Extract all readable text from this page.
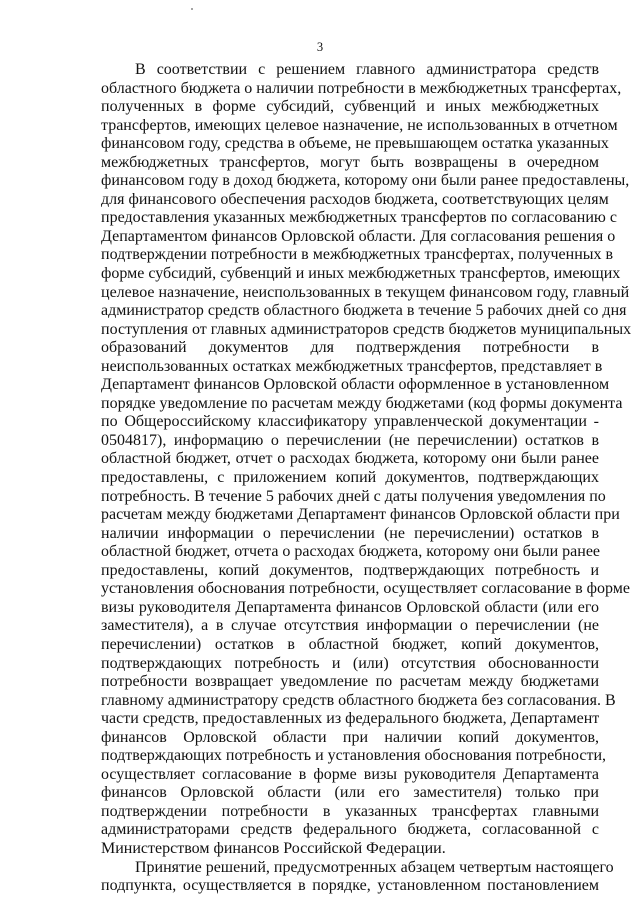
3
В соответствии с решением главного администратора средств
областного бюджета о наличии потребности в межбюджетных трансфертах,
полученных в форме субсидий, субвенций и иных межбюджетных
трансфертов, имеющих целевое назначение, не использованных в отчетном
финансовом году, средства в объеме, не превышающем остатка указанных
межбюджетных трансфертов, могут быть возвращены в очередном
финансовом году в доход бюджета, которому они были ранее предоставлены,
для финансового обеспечения расходов бюджета, соответствующих целям
предоставления указанных межбюджетных трансфертов по согласованию с
Департаментом финансов Орловской области. Для согласования решения о
подтверждении потребности в межбюджетных трансфертах, полученных в
форме субсидий, субвенций и иных межбюджетных трансфертов, имеющих
целевое назначение, неиспользованных в текущем финансовом году, главный
администратор средств областного бюджета в течение 5 рабочих дней со дня
поступления от главных администраторов средств бюджетов муниципальных
образований документов для подтверждения потребности в
неиспользованных остатках межбюджетных трансфертов, представляет в
Департамент финансов Орловской области оформленное в установленном
порядке уведомление по расчетам между бюджетами (код формы документа
по Общероссийскому классификатору управленческой документации -
0504817), информацию о перечислении (не перечислении) остатков в
областной бюджет, отчет о расходах бюджета, которому они были ранее
предоставлены, с приложением копий документов, подтверждающих
потребность. В течение 5 рабочих дней с даты получения уведомления по
расчетам между бюджетами Департамент финансов Орловской области при
наличии информации о перечислении (не перечислении) остатков в
областной бюджет, отчета о расходах бюджета, которому они были ранее
предоставлены, копий документов, подтверждающих потребность и
установления обоснования потребности, осуществляет согласование в форме
визы руководителя Департамента финансов Орловской области (или его
заместителя), а в случае отсутствия информации о перечислении (не
перечислении) остатков в областной бюджет, копий документов,
подтверждающих потребность и (или) отсутствия обоснованности
потребности возвращает уведомление по расчетам между бюджетами
главному администратору средств областного бюджета без согласования. В
части средств, предоставленных из федерального бюджета, Департамент
финансов Орловской области при наличии копий документов,
подтверждающих потребность и установления обоснования потребности,
осуществляет согласование в форме визы руководителя Департамента
финансов Орловской области (или его заместителя) только при
подтверждении потребности в указанных трансфертах главными
администраторами средств федерального бюджета, согласованной с
Министерством финансов Российской Федерации.
Принятие решений, предусмотренных абзацем четвертым настоящего
подпункта, осуществляется в порядке, установленном постановлением
